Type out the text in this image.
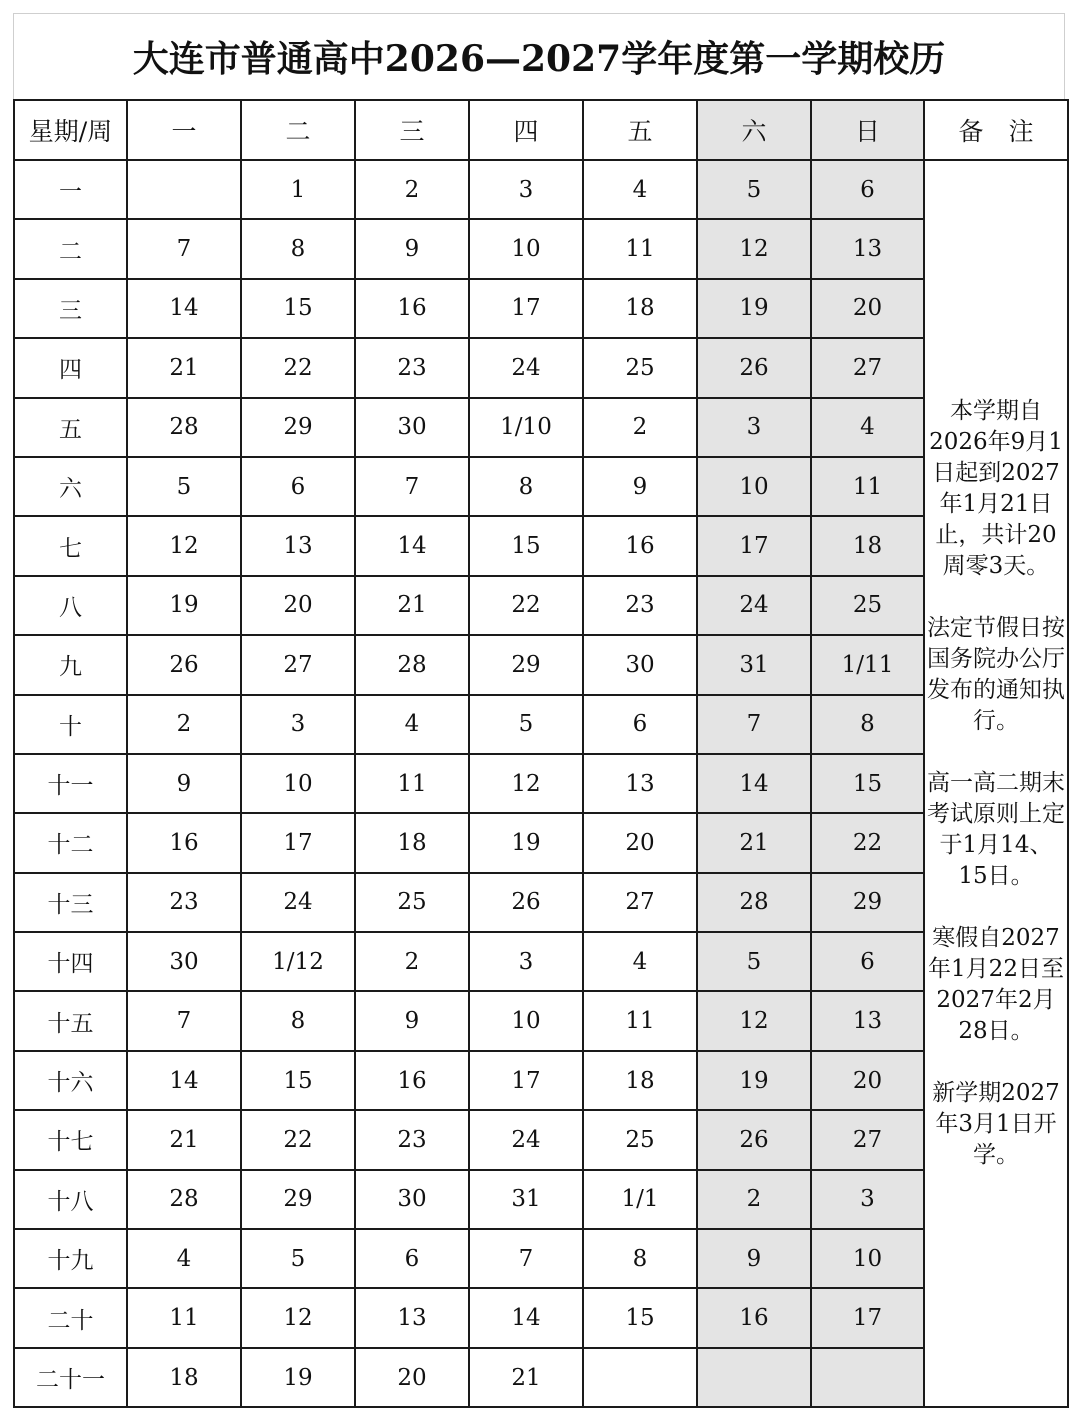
大连市普通高中2026—2027学年度第一学期校历
星期/周	一	二	三	四	五	六	日	备　注
一		1	2	3	4	5	6	本学期自2026年9月1日起到2027年1月21日止，共计20周零3天。
法定节假日按国务院办公厅发布的通知执行。
高一高二期末考试原则上定于1月14、15日。
寒假自2027年1月22日至2027年2月28日。
新学期2027年3月1日开学。

二	7	8	9	10	11	12	13	
三	14	15	16	17	18	19	20	
四	21	22	23	24	25	26	27	
五	28	29	30	1/10	2	3	4	
六	5	6	7	8	9	10	11	
七	12	13	14	15	16	17	18	
八	19	20	21	22	23	24	25	
九	26	27	28	29	30	31	1/11	
十	2	3	4	5	6	7	8	
十一	9	10	11	12	13	14	15	
十二	16	17	18	19	20	21	22	
十三	23	24	25	26	27	28	29	
十四	30	1/12	2	3	4	5	6	
十五	7	8	9	10	11	12	13	
十六	14	15	16	17	18	19	20	
十七	21	22	23	24	25	26	27	
十八	28	29	30	31	1/1	2	3	
十九	4	5	6	7	8	9	10	
二十	11	12	13	14	15	16	17	
二十一	18	19	20	21				
